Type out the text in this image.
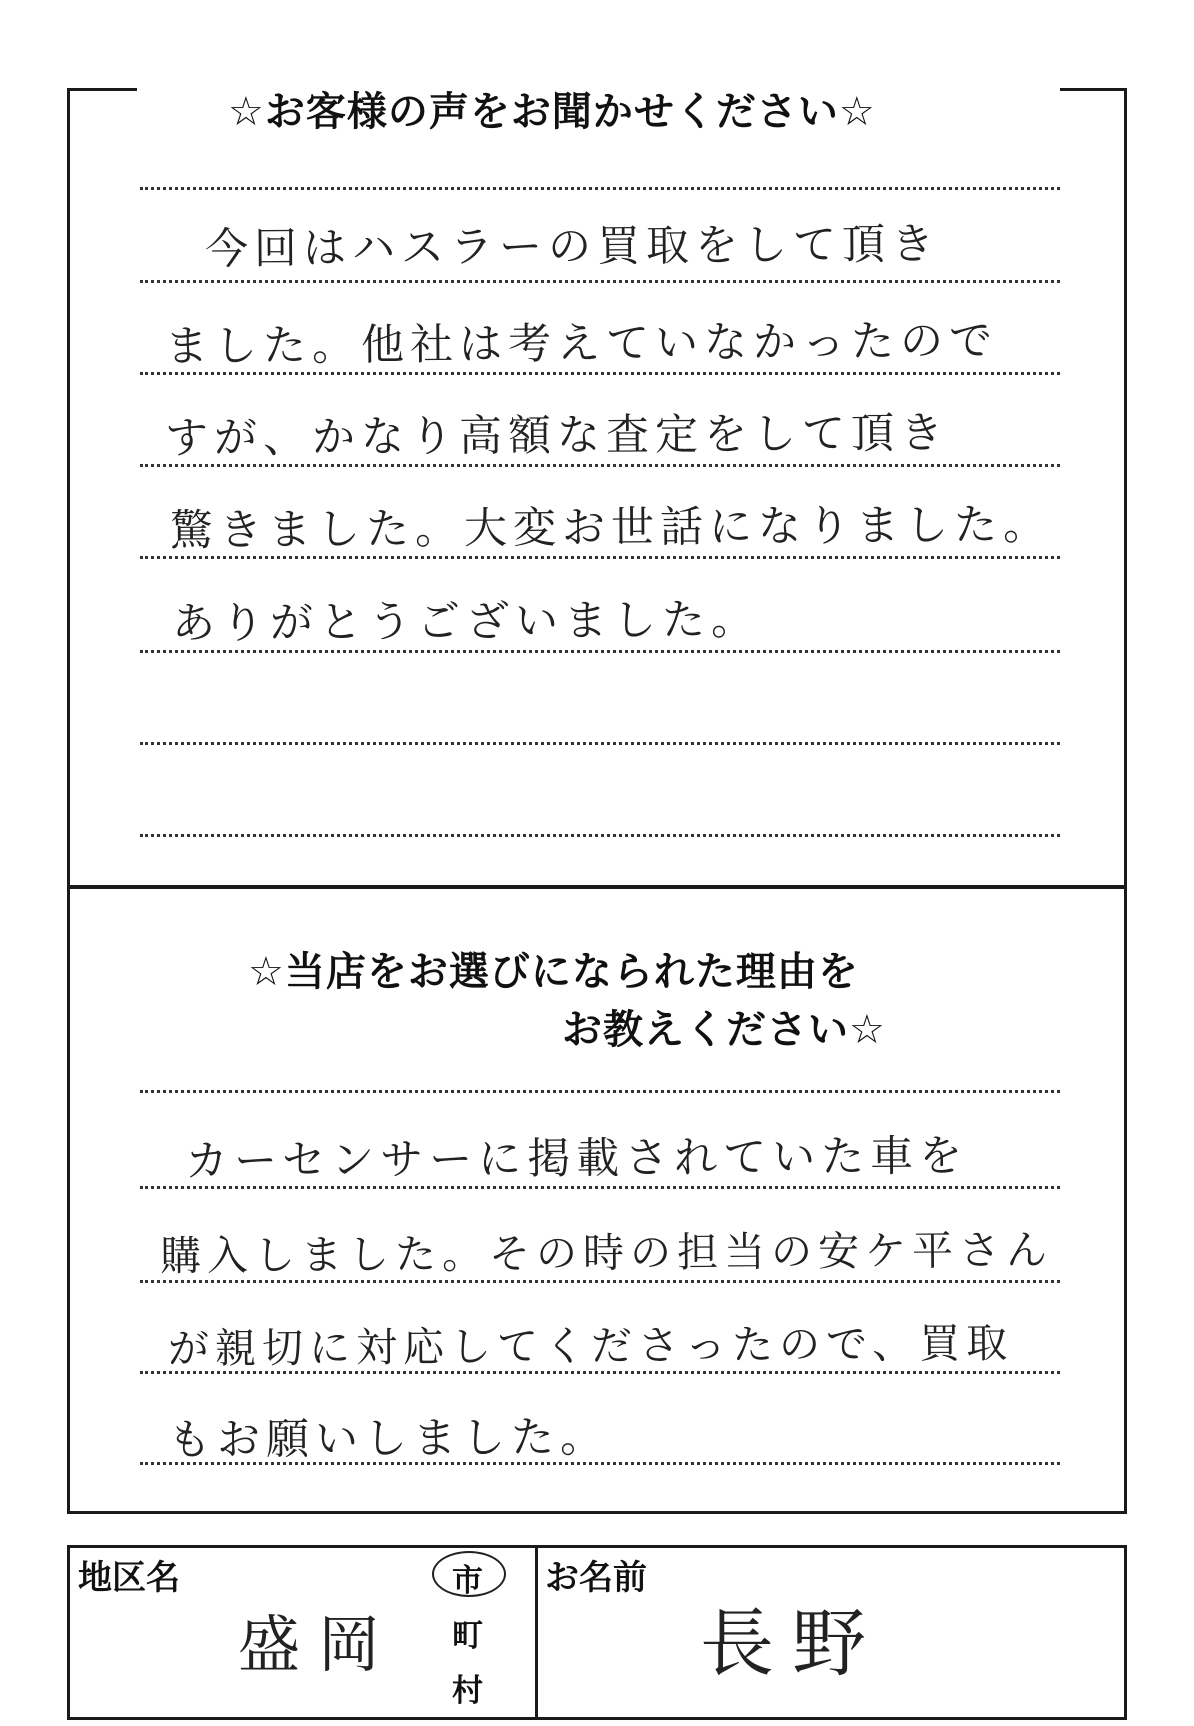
☆お客様の声をお聞かせください☆
今回はハスラーの買取をして頂き
ました。他社は考えていなかったので
すが、かなり高額な査定をして頂き
驚きました。大変お世話になりました。
ありがとうございました。
☆当店をお選びになられた理由を
お教えください☆
カーセンサーに掲載されていた車を
購入しました。その時の担当の安ケ平さん
が親切に対応してくださったので、買取
もお願いしました。
地区名
盛岡
市
町
村
お名前
長野
